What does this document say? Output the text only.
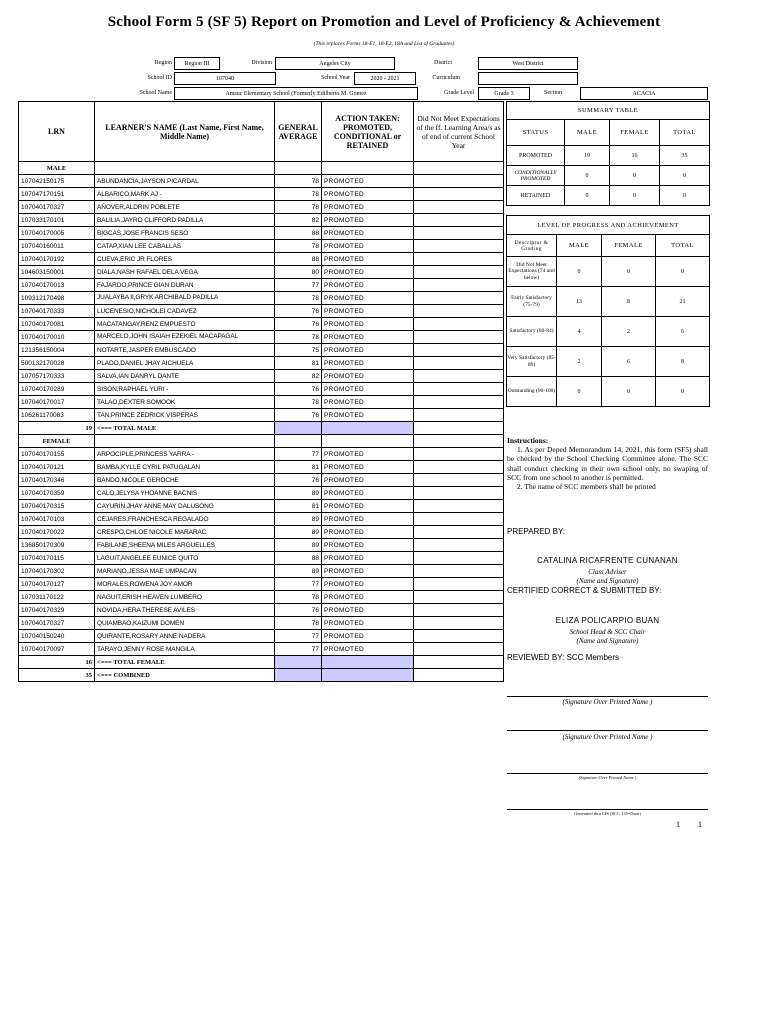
School Form 5 (SF 5) Report on Promotion and Level of Proficiency & Achievement
(This replaces Forms 18-E1, 18-E2, 18A and List of Graduates)
Region	Region III	Division	Angeles City	District	West District
School ID	107040	School Year	2020 - 2021	Curriculum
School Name	Amsuc Elementary School (Formerly Edilberto M. Gomez	Grade Level	Grade 3	Section	ACACIA
LRN	LEARNER'S NAME (Last Name, First Name, Middle Name)	GENERAL AVERAGE	ACTION TAKEN: PROMOTED, CONDITIONAL or RETAINED	Did Not Meet Expectations of the ff. Learning Area/s as of end of current School Year
MALE				
107042150175	ABUNDANCIA,JAYSON PICARDAL	78	PROMOTED	
107047170151	ALBARICO,MARK AJ -	78	PROMOTED	
107040170327	AÑOVER,ALDRIN POBLETE	78	PROMOTED	
107033170101	BALILIA,JAYRO CLIFFORD PADILLA	82	PROMOTED	
107040170005	BIGCAS,JOSE FRANCIS SESO	88	PROMOTED	
107040160011	CATAP,XIAN LEE CABALLAS	78	PROMOTED	
107040170192	CUEVA,ERIC JR FLORES	88	PROMOTED	
104603150001	DIALA,NASH RAFAEL DELA VEGA	80	PROMOTED	
107040170013	FAJARDO,PRINCE GIAN DURAN	77	PROMOTED	
109312170498	JUALAYBA II,GRYK ARCHIBALD PADILLA	78	PROMOTED	
107040170333	LUCENESIO,NICHOLEI CADAVEZ	76	PROMOTED	
107040170081	MACATANGAY,RENZ EMPUESTO	76	PROMOTED	
107040170010	MARCELO,JOHN ISAIAH EZEKIEL MACAPAGAL	78	PROMOTED	
121356150004	NOTARTE,JASPER EMBUSCADO	75	PROMOTED	
500132170028	PLADO,DANIEL JHAY AICHUELA	81	PROMOTED	
107057170333	SALVA,IAN DANRYL DANTE	82	PROMOTED	
107040170289	SISON,RAPHAEL YURI -	76	PROMOTED	
107040170017	TALAO,DEXTER SOMOOK	78	PROMOTED	
106261170083	TAN,PRINCE ZEDRICK VISPERAS	76	PROMOTED	
19	<=== TOTAL MALE			
FEMALE				
107040170155	ARPOCIPLE,PRINCESS YARRA -	77	PROMOTED	
107040170121	BAMBA,KYLLE CYRIL PATUGALAN	81	PROMOTED	
107040170346	BANDO,NICOLE GEROCHE	76	PROMOTED	
107040170359	CALO,JELYSA YHOANNE BACNIS	89	PROMOTED	
107040170315	CAYURIN,JHAY ANNE MAY DALUSONG	81	PROMOTED	
107040170103	CEJARES,FRANCHESCA REGALADO	89	PROMOTED	
107040170022	CRESPO,CHLOE NICOLE MARARAC	89	PROMOTED	
136850170309	FABILANE,SHEENA MILES ARGUELLES	89	PROMOTED	
107040170115	LAGUIT,ANGELEE EUNICE QUITO	88	PROMOTED	
107040170302	MARIANO,JESSA MAE UMPACAN	89	PROMOTED	
107040170127	MORALES,ROWENA JOY AMOR	77	PROMOTED	
107031170122	NAGUIT,ERISH HEAVEN LUMBERO	78	PROMOTED	
107040170329	NOVIDA,HERA THERESE AVILES	76	PROMOTED	
107040170327	QUIAMBAO,KAIZUMI DOMEN	78	PROMOTED	
107040150240	QUIRANTE,ROSARY ANNE NADERA	77	PROMOTED	
107040170097	TARAYO,JENNY ROSE MANGILA	77	PROMOTED	
16	<=== TOTAL FEMALE			
35	<=== COMBINED			
SUMMARY TABLE			
STATUS	MALE	FEMALE	TOTAL
PROMOTED	19	16	35
CONDITIONALLY PROMOTED	0	0	0
RETAINED	0	0	0
LEVEL OF PROGRESS AND ACHIEVEMENT			
Descriptor & Grading	MALE	FEMALE	TOTAL
Did Not Meet Expectations (74 and below)	0	0	0
Fairly Satisfactory (75-79)	13	8	21
Satisfactory (80-84)	4	2	6
Very Satisfactory (85-89)	2	6	8
Outstanding (90-100)	0	0	0
Instructions:

1. As per Deped Memorandum 14, 2021, this form (SF5) shall be checked by the School Checking Committee alone. The SCC shall conduct checking in their own school only, no swaping of SCC from one school to another is permitted.
2. The name of SCC members shall be printed
PREPARED BY:
CATALINA RICAFRENTE CUNANAN
Class Adviser
(Name and Signature)
CERTIFIED CORRECT & SUBMITTED BY:
ELIZA POLICARPIO BUAN
School Head & SCC Chair
(Name and Signature)
REVIEWED BY: SCC Members
(Signature Over Printed Name )
(Signature Over Printed Name )
(Signature Over Printed Name )
Generated thru LIS (SCC 135-Chair)
1	1
